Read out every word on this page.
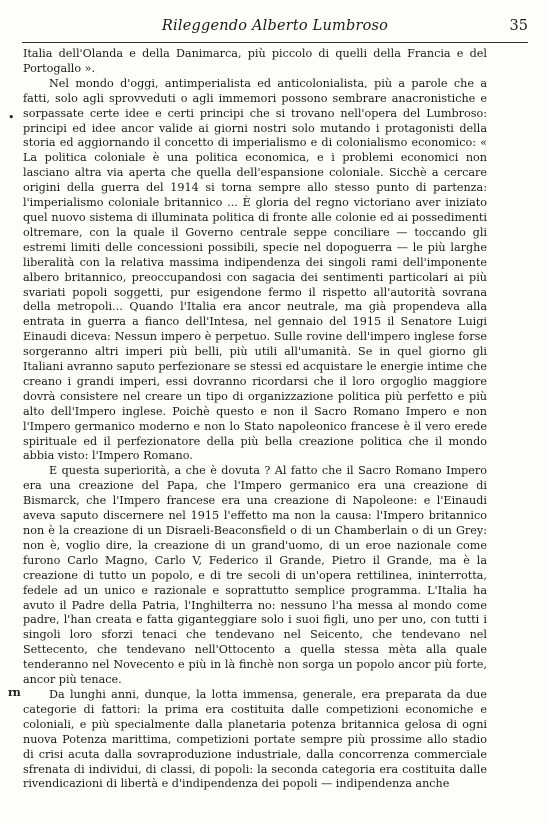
Rileggendo Alberto Lumbroso	35
•
rn

Italia dell'Olanda e della Danimarca, più piccolo di quelli della Francia e del Portogallo ».

Nel mondo d'oggi, antimperialista ed anticolonialista, più a parole che a fatti, solo agli sprovveduti o agli immemori possono sembrare anacronistiche e sorpassate certe idee e certi principi che si trovano nell'opera del Lumbroso: principi ed idee ancor valide ai giorni nostri solo mutando i protagonisti della storia ed aggiornando il concetto di imperialismo e di colonialismo economico: « La politica coloniale è una politica economica, e i problemi economici non lasciano altra via aperta che quella dell'espansione coloniale. Sicchè a cercare origini della guerra del 1914 si torna sempre allo stesso punto di partenza: l'imperialismo coloniale britannico ... È gloria del regno victoriano aver iniziato quel nuovo sistema di illuminata politica di fronte alle colonie ed ai possedimenti oltremare, con la quale il Governo centrale seppe conciliare — toccando gli estremi limiti delle concessioni possibili, specie nel dopoguerra — le più larghe liberalità con la relativa massima indipendenza dei singoli rami dell'imponente albero britannico, preoccupandosi con sagacia dei sentimenti particolari ai più svariati popoli soggetti, pur esigendone fermo il rispetto all'autorità sovrana della metropoli... Quando l'Italia era ancor neutrale, ma già propendeva alla entrata in guerra a fianco dell'Intesa, nel gennaio del 1915 il Senatore Luigi Einaudi diceva: Nessun impero è perpetuo. Sulle rovine dell'impero inglese forse sorgeranno altri imperi più belli, più utili all'umanità. Se in quel giorno gli Italiani avranno saputo perfezionare se stessi ed acquistare le energie intime che creano i grandi imperi, essi dovranno ricordarsi che il loro orgoglio maggiore dovrà consistere nel creare un tipo di organizzazione politica più perfetto e più alto dell'Impero inglese. Poichè questo e non il Sacro Romano Impero e non l'Impero germanico moderno e non lo Stato napoleonico francese è il vero erede spirituale ed il perfezionatore della più bella creazione politica che il mondo abbia visto: l'Impero Romano.

E questa superiorità, a che è dovuta ? Al fatto che il Sacro Romano Impero era una creazione del Papa, che l'Impero germanico era una creazione di Bismarck, che l'Impero francese era una creazione di Napoleone: e l'Einaudi aveva saputo discernere nel 1915 l'effetto ma non la causa: l'Impero britannico non è la creazione di un Disraeli-Beaconsfield o di un Chamberlain o di un Grey: non è, voglio dire, la creazione di un grand'uomo, di un eroe nazionale come furono Carlo Magno, Carlo V, Federico il Grande, Pietro il Grande, ma è la creazione di tutto un popolo, e di tre secoli di un'opera rettilinea, ininterrotta, fedele ad un unico e razionale e soprattutto semplice programma. L'Italia ha avuto il Padre della Patria, l'Inghilterra no: nessuno l'ha messa al mondo come padre, l'han creata e fatta giganteggiare solo i suoi figli, uno per uno, con tutti i singoli loro sforzi tenaci che tendevano nel Seicento, che tendevano nel Settecento, che tendevano nell'Ottocento a quella stessa mèta alla quale tenderanno nel Novecento e più in là finchè non sorga un popolo ancor più forte, ancor più tenace.

Da lunghi anni, dunque, la lotta immensa, generale, era preparata da due categorie di fattori: la prima era costituita dalle competizioni economiche e coloniali, e più specialmente dalla planetaria potenza britannica gelosa di ogni nuova Potenza marittima, competizioni portate sempre più prossime allo stadio di crisi acuta dalla sovraproduzione industriale, dalla concorrenza commerciale sfrenata di individui, di classi, di popoli: la seconda categoria era costituita dalle rivendicazioni di libertà e d'indipendenza dei popoli — indipendenza anche
